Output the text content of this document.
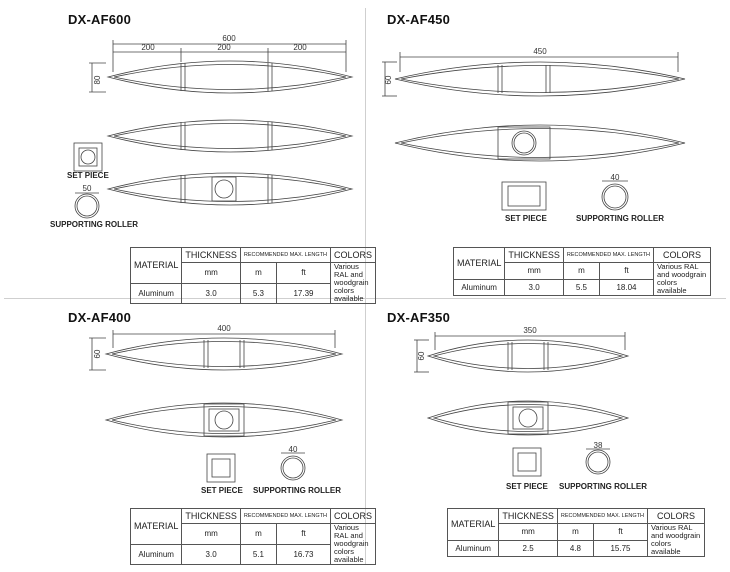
DX-AF600
600
200	200	200
80
50
SET PIECE
SUPPORTING ROLLER
MATERIAL	THICKNESS	RECOMMENDED MAX. LENGTH		COLORS
	mm	m	ft	Various RAL and woodgrain colors available
Aluminum	3.0	5.3	17.39	
DX-AF450
450
60
40
SET PIECE	SUPPORTING ROLLER
MATERIAL	THICKNESS	RECOMMENDED MAX. LENGTH		COLORS
	mm	m	ft	Various RAL and woodgrain colors available
Aluminum	3.0	5.5	18.04	
DX-AF400
400
60
40
SET PIECE SUPPORTING ROLLER
MATERIAL	THICKNESS	RECOMMENDED MAX. LENGTH		COLORS
	mm	m	ft	Various RAL and woodgrain colors available
Aluminum	3.0	5.1	16.73	
DX-AF350
350
60
38
SET PIECE SUPPORTING ROLLER
MATERIAL	THICKNESS	RECOMMENDED MAX. LENGTH		COLORS
	mm	m	ft	Various RAL and woodgrain colors available
Aluminum	2.5	4.8	15.75	
